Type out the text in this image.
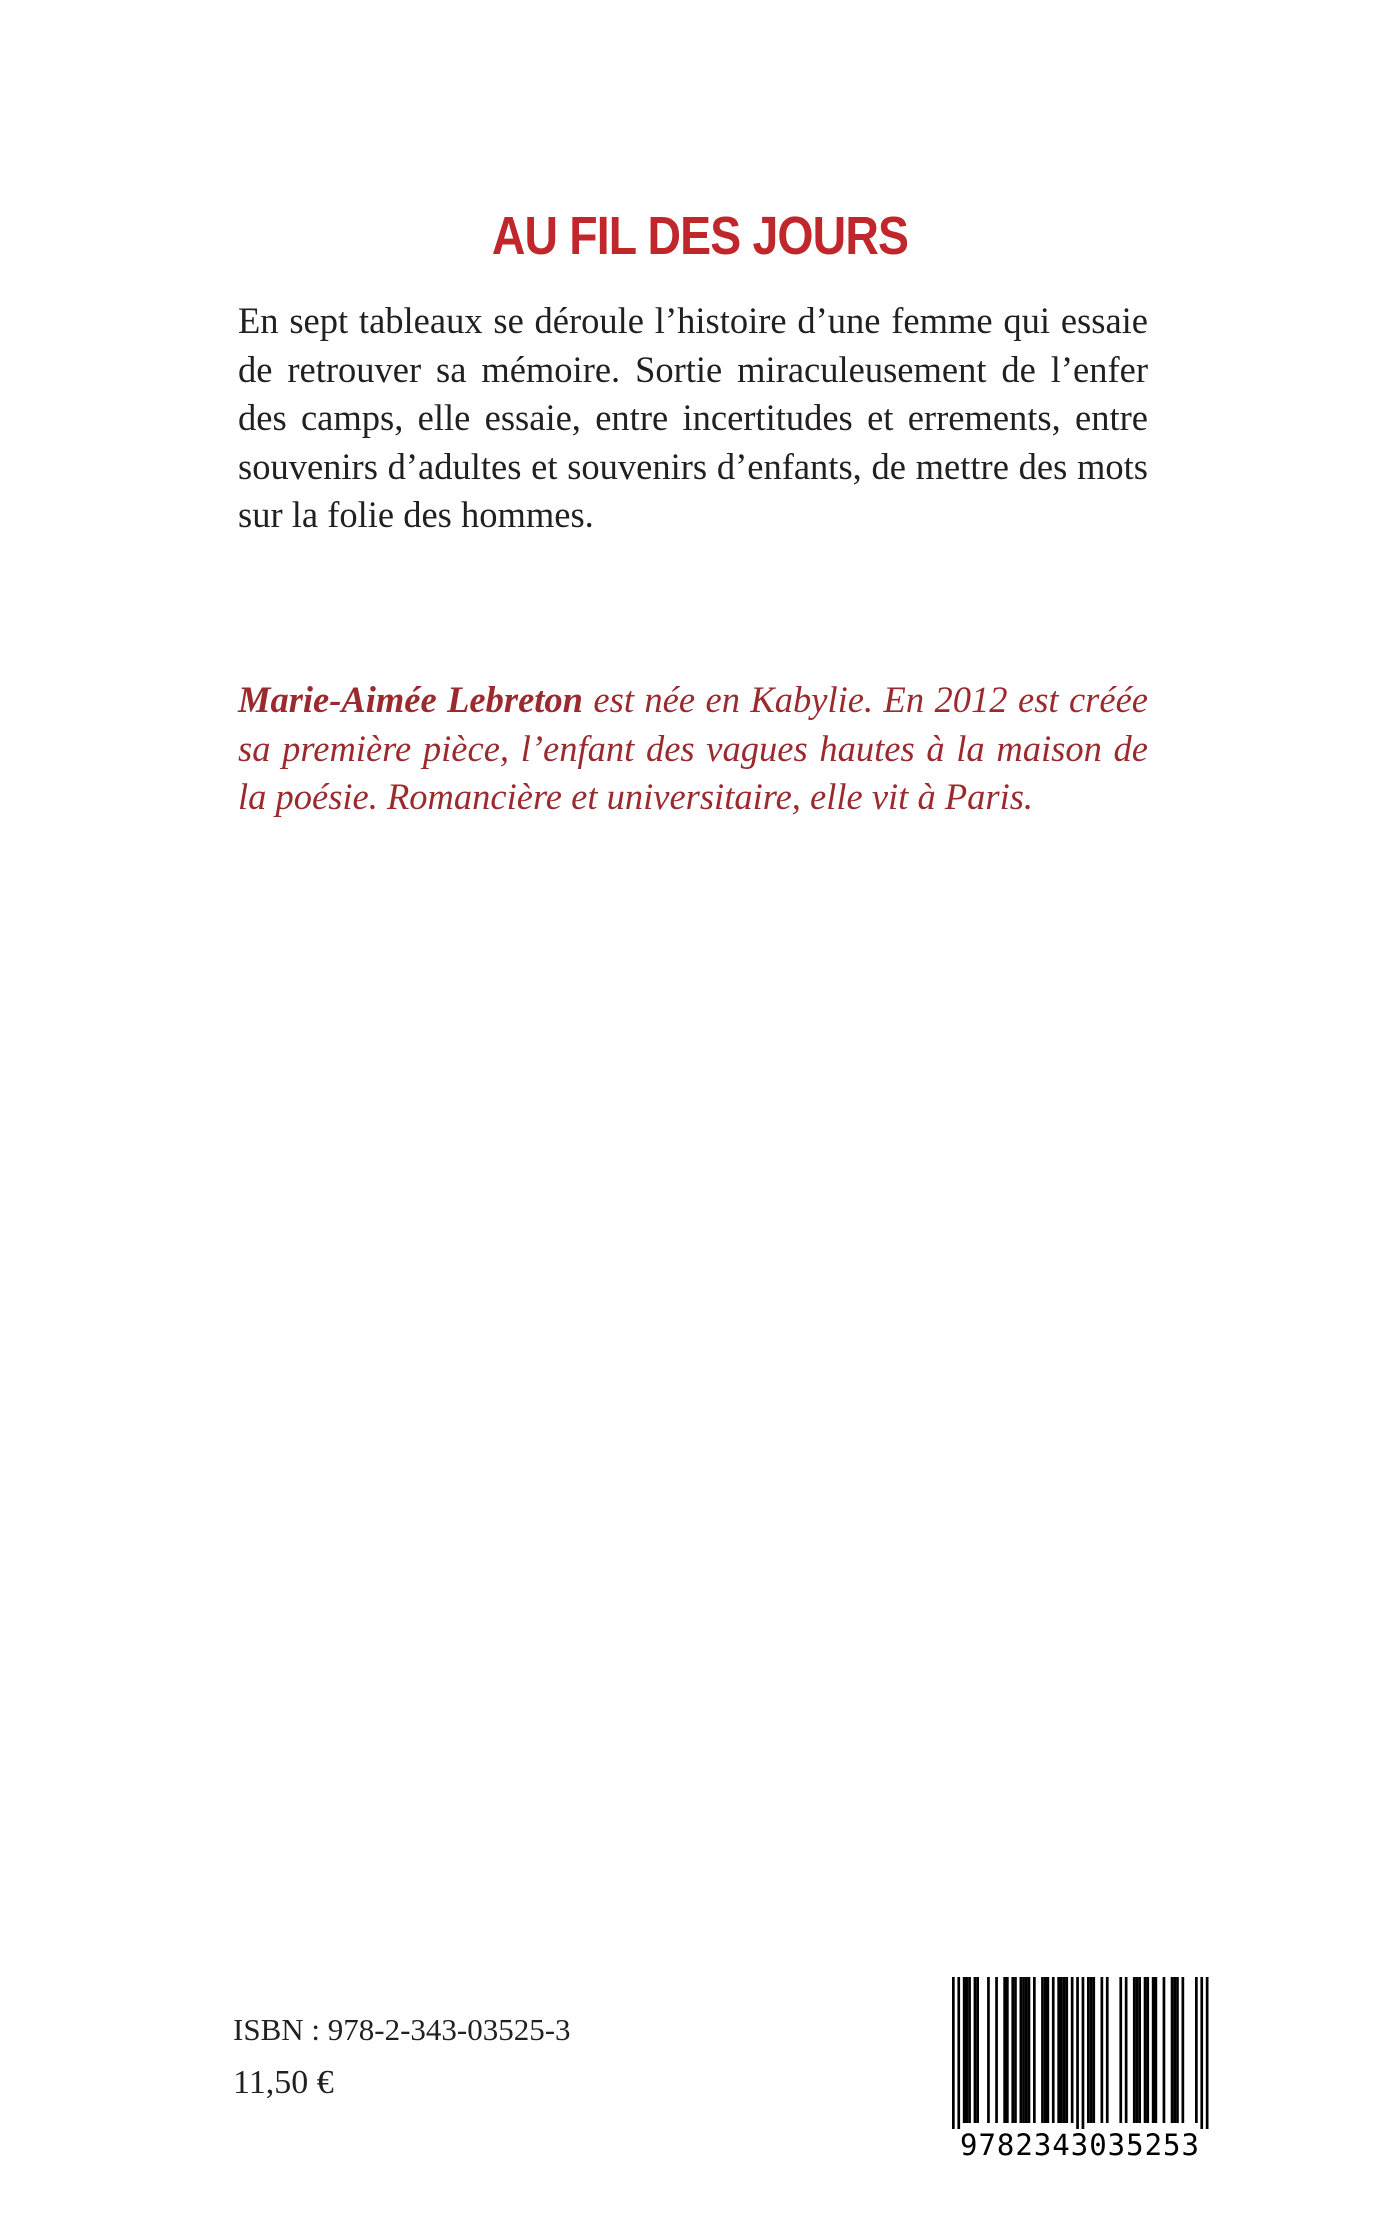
AU FIL DES JOURS

En sept tableaux se déroule l’histoire d’une femme qui essaie de retrouver sa mémoire. Sortie miraculeusement de l’enfer des camps, elle essaie, entre incertitudes et errements, entre souvenirs d’adultes et souvenirs d’enfants, de mettre des mots sur la folie des hommes.

Marie-Aimée Lebreton est née en Kabylie. En 2012 est créée sa première pièce, l’enfant des vagues hautes à la maison de la poésie. Romancière et universitaire, elle vit à Paris.

ISBN : 978-2-343-03525-3
11,50 €
9782343035253
